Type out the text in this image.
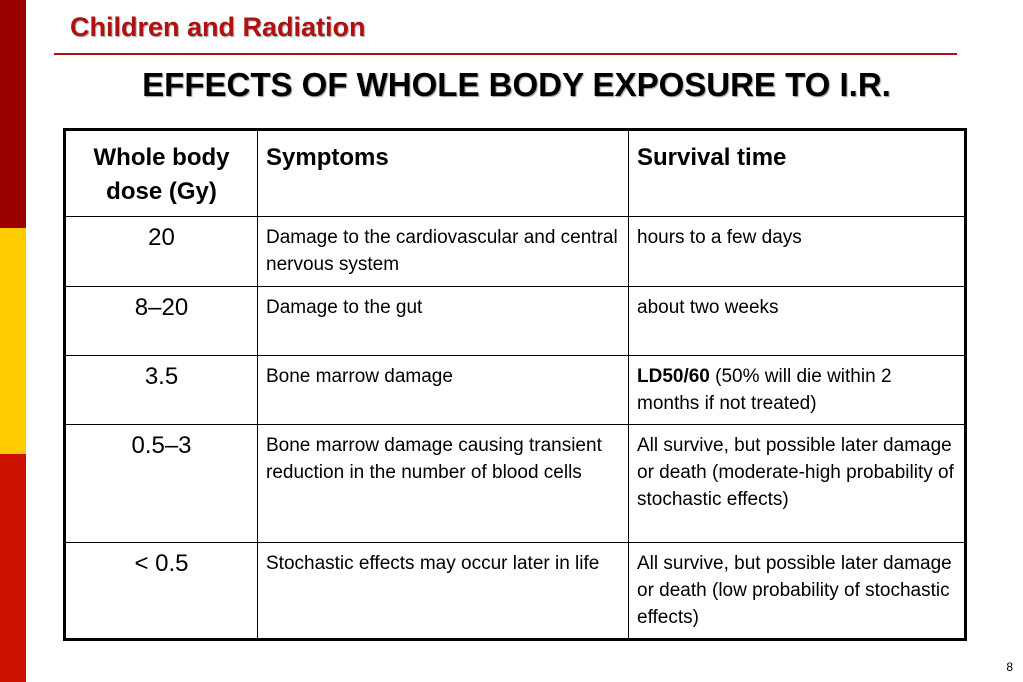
Children and Radiation
EFFECTS OF WHOLE BODY EXPOSURE TO I.R.
Whole body dose (Gy)	Symptoms	Survival time
20	Damage to the cardiovascular and central nervous system	hours to a few days
8–20	Damage to the gut	about two weeks
3.5	Bone marrow damage	LD50/60 (50% will die within 2 months if not treated)
0.5–3	Bone marrow damage causing transient reduction in the number of blood cells	All survive, but possible later damage or death (moderate-high probability of stochastic effects)
< 0.5	Stochastic effects may occur later in life	All survive, but possible later damage or death (low probability of stochastic effects)
8
